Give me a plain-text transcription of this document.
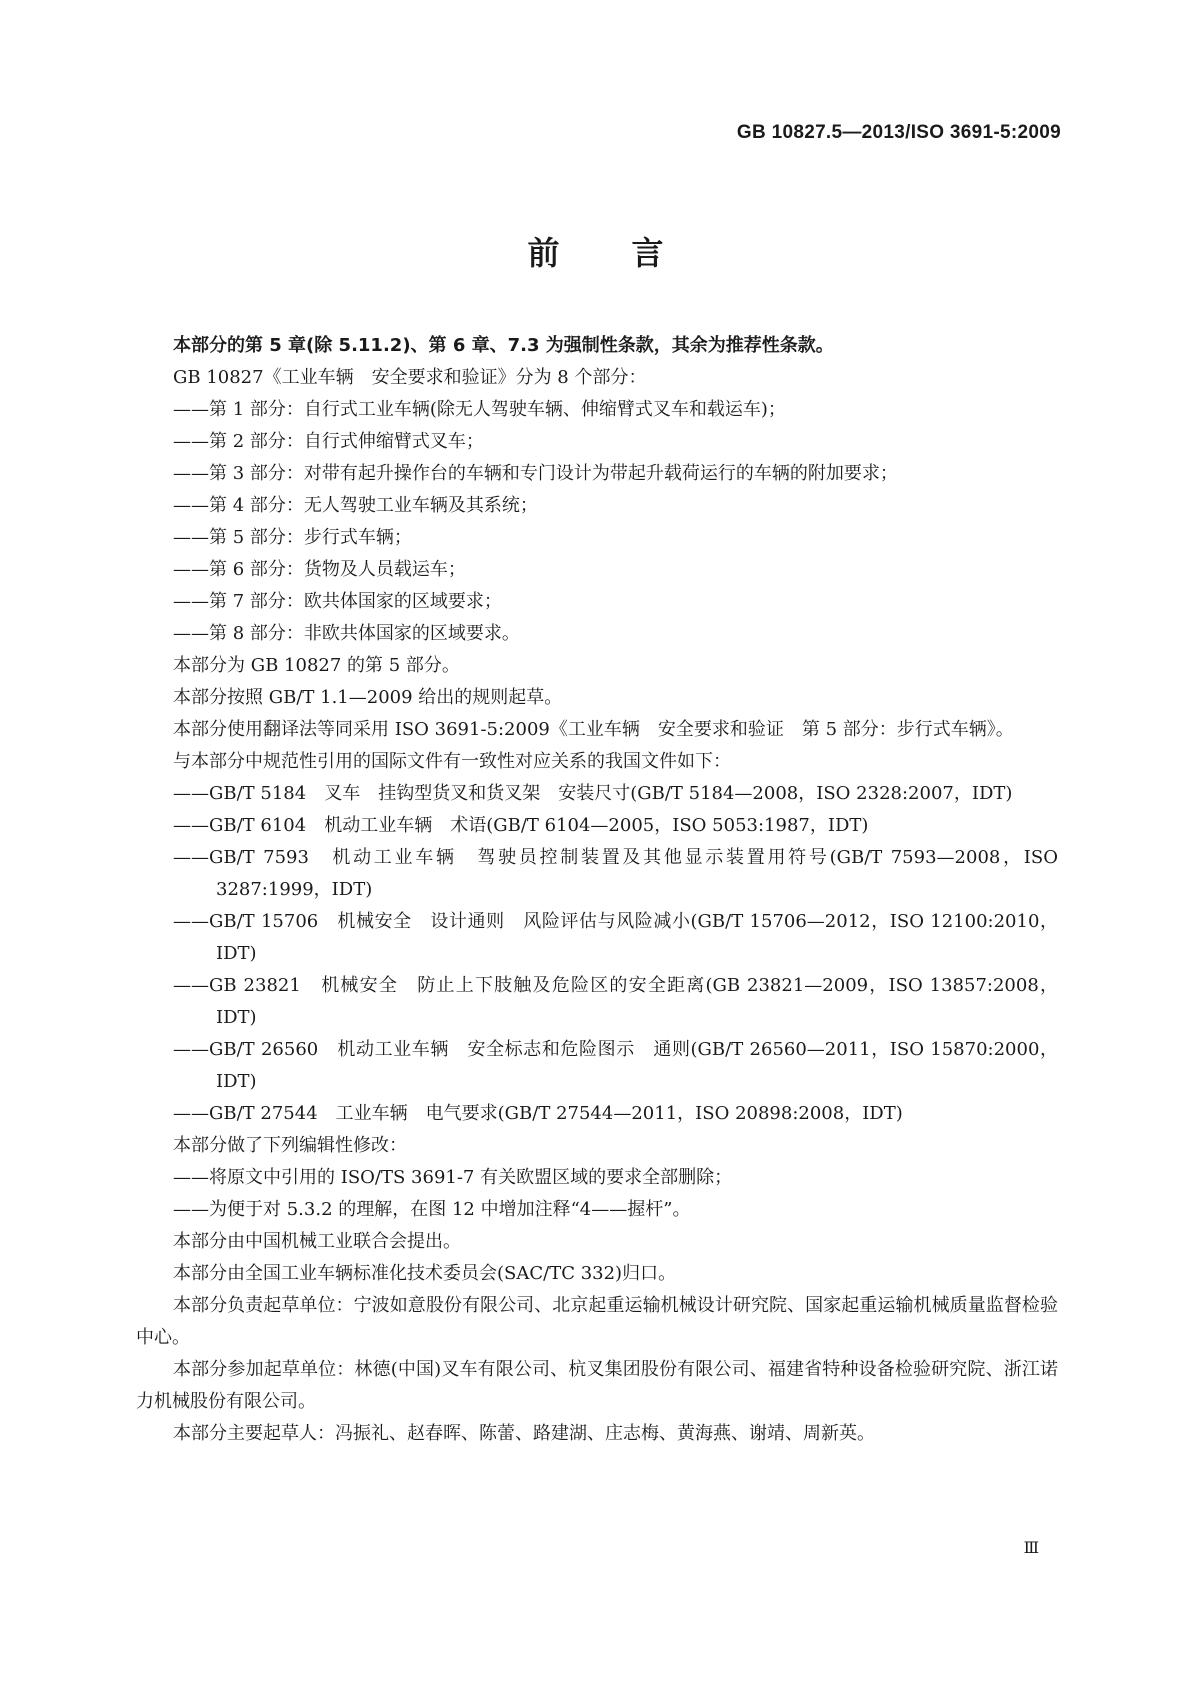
GB 10827.5—2013/ISO 3691-5:2009
前言

本部分的第 5 章(除 5.11.2)、第 6 章、7.3 为强制性条款，其余为推荐性条款。

GB 10827《工业车辆　安全要求和验证》分为 8 个部分：

——第 1 部分：自行式工业车辆(除无人驾驶车辆、伸缩臂式叉车和载运车)；

——第 2 部分：自行式伸缩臂式叉车；

——第 3 部分：对带有起升操作台的车辆和专门设计为带起升载荷运行的车辆的附加要求；

——第 4 部分：无人驾驶工业车辆及其系统；

——第 5 部分：步行式车辆；

——第 6 部分：货物及人员载运车；

——第 7 部分：欧共体国家的区域要求；

——第 8 部分：非欧共体国家的区域要求。

本部分为 GB 10827 的第 5 部分。

本部分按照 GB/T 1.1—2009 给出的规则起草。

本部分使用翻译法等同采用 ISO 3691-5:2009《工业车辆　安全要求和验证　第 5 部分：步行式车辆》。

与本部分中规范性引用的国际文件有一致性对应关系的我国文件如下：

——GB/T 5184　叉车　挂钩型货叉和货叉架　安装尺寸(GB/T 5184—2008，ISO 2328:2007，IDT)

——GB/T 6104　机动工业车辆　术语(GB/T 6104—2005，ISO 5053:1987，IDT)

——GB/T 7593　机动工业车辆　驾驶员控制装置及其他显示装置用符号(GB/T 7593—2008，ISO 3287:1999，IDT)

——GB/T 15706　机械安全　设计通则　风险评估与风险减小(GB/T 15706—2012，ISO 12100:2010，IDT)

——GB 23821　机械安全　防止上下肢触及危险区的安全距离(GB 23821—2009，ISO 13857:2008，IDT)

——GB/T 26560　机动工业车辆　安全标志和危险图示　通则(GB/T 26560—2011，ISO 15870:2000，IDT)

——GB/T 27544　工业车辆　电气要求(GB/T 27544—2011，ISO 20898:2008，IDT)

本部分做了下列编辑性修改：

——将原文中引用的 ISO/TS 3691-7 有关欧盟区域的要求全部删除；

——为便于对 5.3.2 的理解，在图 12 中增加注释“4——握杆”。

本部分由中国机械工业联合会提出。

本部分由全国工业车辆标准化技术委员会(SAC/TC 332)归口。

本部分负责起草单位：宁波如意股份有限公司、北京起重运输机械设计研究院、国家起重运输机械质量监督检验中心。

本部分参加起草单位：林德(中国)叉车有限公司、杭叉集团股份有限公司、福建省特种设备检验研究院、浙江诺力机械股份有限公司。

本部分主要起草人：冯振礼、赵春晖、陈蕾、路建湖、庄志梅、黄海燕、谢靖、周新英。

Ⅲ
